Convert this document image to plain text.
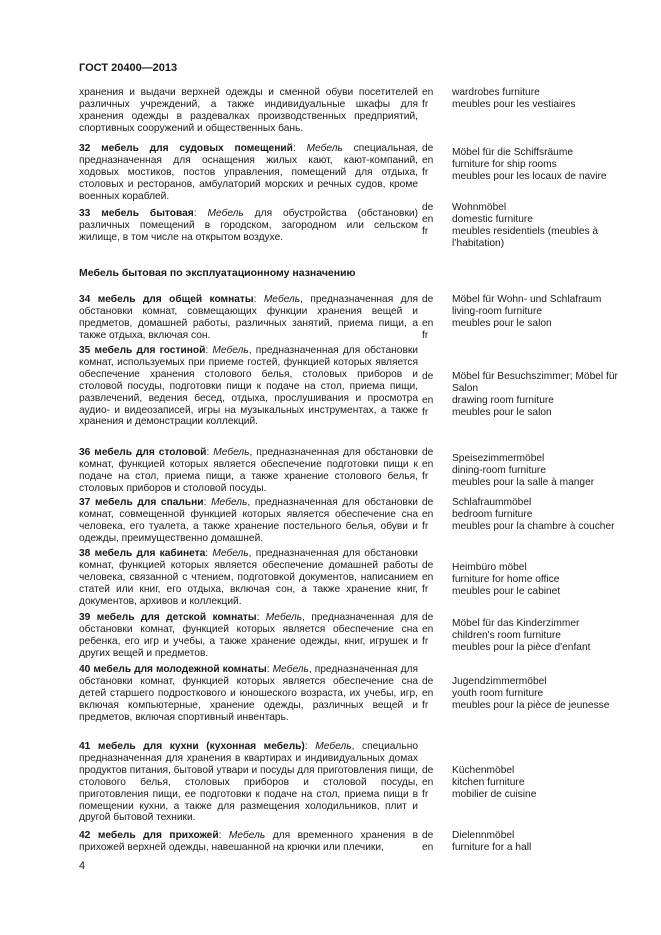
ГОСТ 20400—2013
хранения и выдачи верхней одежды и сменной обуви посетителей различных учреждений, а также индивидуальные шкафы для хранения одежды в раздевалках производственных предприятий, спортивных сооружений и общественных бань.
en
fr
wardrobes furniture
meubles pour les vestiaires
32 мебель для судовых помещений: Мебель специальная, предназначенная для оснащения жилых кают, кают-компаний, ходовых мостиков, постов управления, помещений для отдыха, столовых и ресторанов, амбулаторий морских и речных судов, кроме военных кораблей.
de
en
fr
Möbel für die Schiffsräume
furniture for ship rooms
meubles pour les locaux de navire
33 мебель бытовая: Мебель для обустройства (обстановки) различных помещений в городском, загородном или сельском жилище, в том числе на открытом воздухе.
de
en
fr
Wohnmöbel
domestic furniture
meubles residentiels (meubles à l’habitation)
Мебель бытовая по эксплуатационному назначению
34 мебель для общей комнаты: Мебель, предназначенная для обстановки комнат, совмещающих функции хранения вещей и предметов, домашней работы, различных занятий, приема пищи, а также отдыха, включая сон.
de

en
fr
Möbel für Wohn- und Schlafraum
living-room furniture
meubles pour le salon
35 мебель для гостиной: Мебель, предназначенная для обстановки комнат, используемых при приеме гостей, функцией которых является обеспечение хранения столового белья, столовых приборов и столовой посуды, подготовки пищи к подаче на стол, приема пищи, развлечений, ведения бесед, отдыха, прослушивания и просмотра аудио- и видеозаписей, игры на музыкальных инструментах, а также хранения и демонстрации коллекций.
de

en
fr
Möbel für Besuchszimmer; Möbel für Salon
drawing room furniture
meubles pour le salon
36 мебель для столовой: Мебель, предназначенная для обстановки комнат, функцией которых является обеспечение подготовки пищи к подаче на стол, приема пищи, а также хранение столового белья, столовых приборов и столовой посуды.
de
en
fr
Speisezimmermöbel
dining-room furniture
meubles pour la salle à manger
37 мебель для спальни: Мебель, предназначенная для обстановки комнат, совмещенной функцией которых является обеспечение сна человека, его туалета, а также хранение постельного белья, обуви и одежды, преимущественно домашней.
de
en
fr
Schlafraummöbel
bedroom furniture
meubles pour la chambre à coucher
38 мебель для кабинета: Мебель, предназначенная для обстановки комнат, функцией которых является обеспечение домашней работы человека, связанной с чтением, подготовкой документов, написанием статей или книг, его отдыха, включая сон, а также хранение книг, документов, архивов и коллекций.
de
en
fr
Heimbüro möbel
furniture for home office
meubles pour le cabinet
39 мебель для детской комнаты: Мебель, предназначенная для обстановки комнат, функцией которых является обеспечение сна ребенка, его игр и учебы, а также хранение одежды, книг, игрушек и других вещей и предметов.
de
en
fr
Möbel für das Kinderzimmer
children's room furniture
meubles pour la pièce d'enfant
40 мебель для молодежной комнаты: Мебель, предназначенная для обстановки комнат, функцией которых является обеспечение сна детей старшего подросткового и юношеского возраста, их учебы, игр, включая компьютерные, хранение одежды, различных вещей и предметов, включая спортивный инвентарь.
de
en
fr
Jugendzimmermöbel
youth room furniture
meubles pour la pièce de jeunesse
41 мебель для кухни (кухонная мебель): Мебель, специально предназначенная для хранения в квартирах и индивидуальных домах продуктов питания, бытовой утвари и посуды для приготовления пищи, столового белья, столовых приборов и столовой посуды, приготовления пищи, ее подготовки к подаче на стол, приема пищи в помещении кухни, а также для размещения холодильников, плит и другой бытовой техники.
de
en
fr
Küchenmöbel
kitchen furniture
mobilier de cuisine
42 мебель для прихожей: Мебель для временного хранения в прихожей верхней одежды, навешанной на крючки или плечики,
de
en
Dielennmöbel
furniture for a hall
4
